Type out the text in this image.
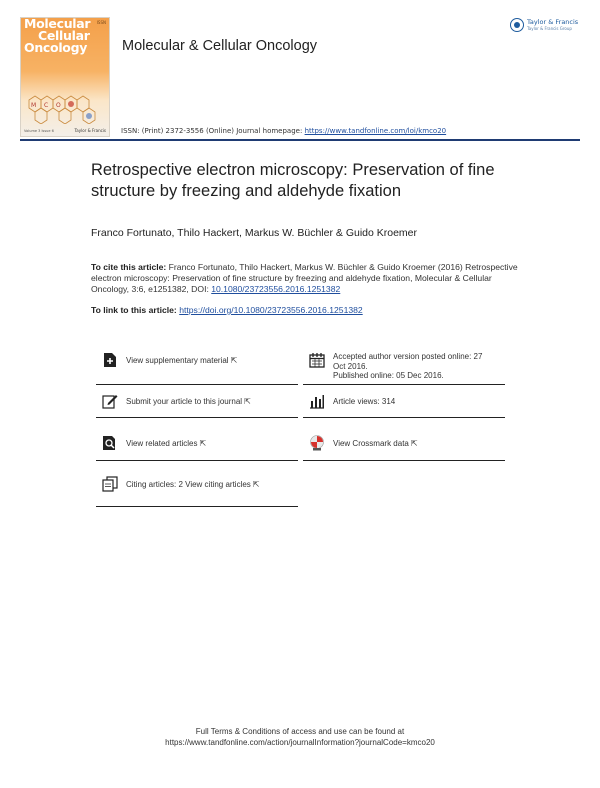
Molecular
Cellular
Oncology
ISSN
M C O
Volume 3 Issue 6	Taylor & Francis
Molecular & Cellular Oncology
Taylor & Francis
Taylor & Francis Group
ISSN: (Print) 2372-3556 (Online) Journal homepage: https://www.tandfonline.com/loi/kmco20
Retrospective electron microscopy: Preservation of fine structure by freezing and aldehyde fixation
Franco Fortunato, Thilo Hackert, Markus W. Büchler & Guido Kroemer
To cite this article: Franco Fortunato, Thilo Hackert, Markus W. Büchler & Guido Kroemer (2016) Retrospective electron microscopy: Preservation of fine structure by freezing and aldehyde fixation, Molecular & Cellular Oncology, 3:6, e1251382, DOI: 10.1080/23723556.2016.1251382
To link to this article: https://doi.org/10.1080/23723556.2016.1251382
View supplementary material ⇱	Accepted author version posted online: 27
Oct 2016.
Published online: 05 Dec 2016.
Submit your article to this journal ⇱	Article views: 314
View related articles ⇱	View Crossmark data ⇱
Citing articles: 2 View citing articles ⇱
Full Terms & Conditions of access and use can be found at
https://www.tandfonline.com/action/journalInformation?journalCode=kmco20
